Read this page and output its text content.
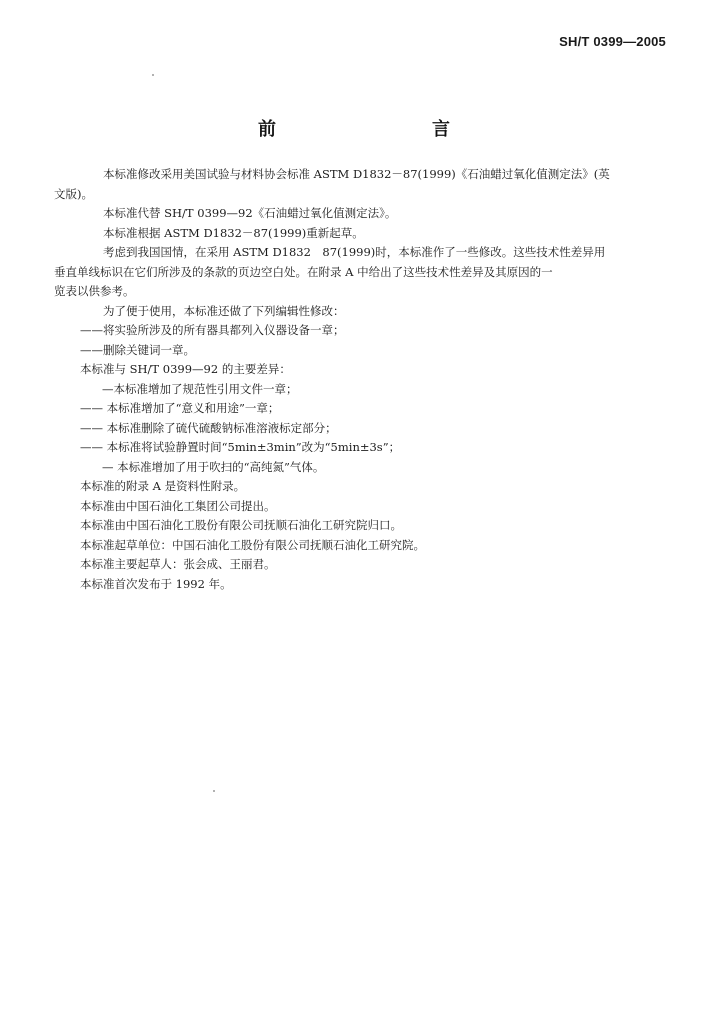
SH/T 0399—2005
前　　言

本标准修改采用美国试验与材料协会标准 ASTM D1832－87(1999)《石油蜡过氧化值测定法》(英

文版)。

本标准代替 SH/T 0399—92《石油蜡过氧化值测定法》。

本标准根据 ASTM D1832－87(1999)重新起草。

考虑到我国国情，在采用 ASTM D1832　87(1999)时，本标准作了一些修改。这些技术性差异用

垂直单线标识在它们所涉及的条款的页边空白处。在附录 A 中给出了这些技术性差异及其原因的一

览表以供参考。

为了便于使用，本标准还做了下列编辑性修改：

——将实验所涉及的所有器具都列入仪器设备一章；

——删除关键词一章。

本标准与 SH/T 0399—92 的主要差异：

—本标准增加了规范性引用文件一章；

—— 本标准增加了“意义和用途”一章；

—— 本标准删除了硫代硫酸钠标准溶液标定部分；

—— 本标准将试验静置时间“5min±3min”改为“5min±3s”；

— 本标准增加了用于吹扫的“高纯氮”气体。

本标准的附录 A 是资料性附录。

本标准由中国石油化工集团公司提出。

本标准由中国石油化工股份有限公司抚顺石油化工研究院归口。

本标准起草单位：中国石油化工股份有限公司抚顺石油化工研究院。

本标准主要起草人：张会成、王丽君。

本标准首次发布于 1992 年。
